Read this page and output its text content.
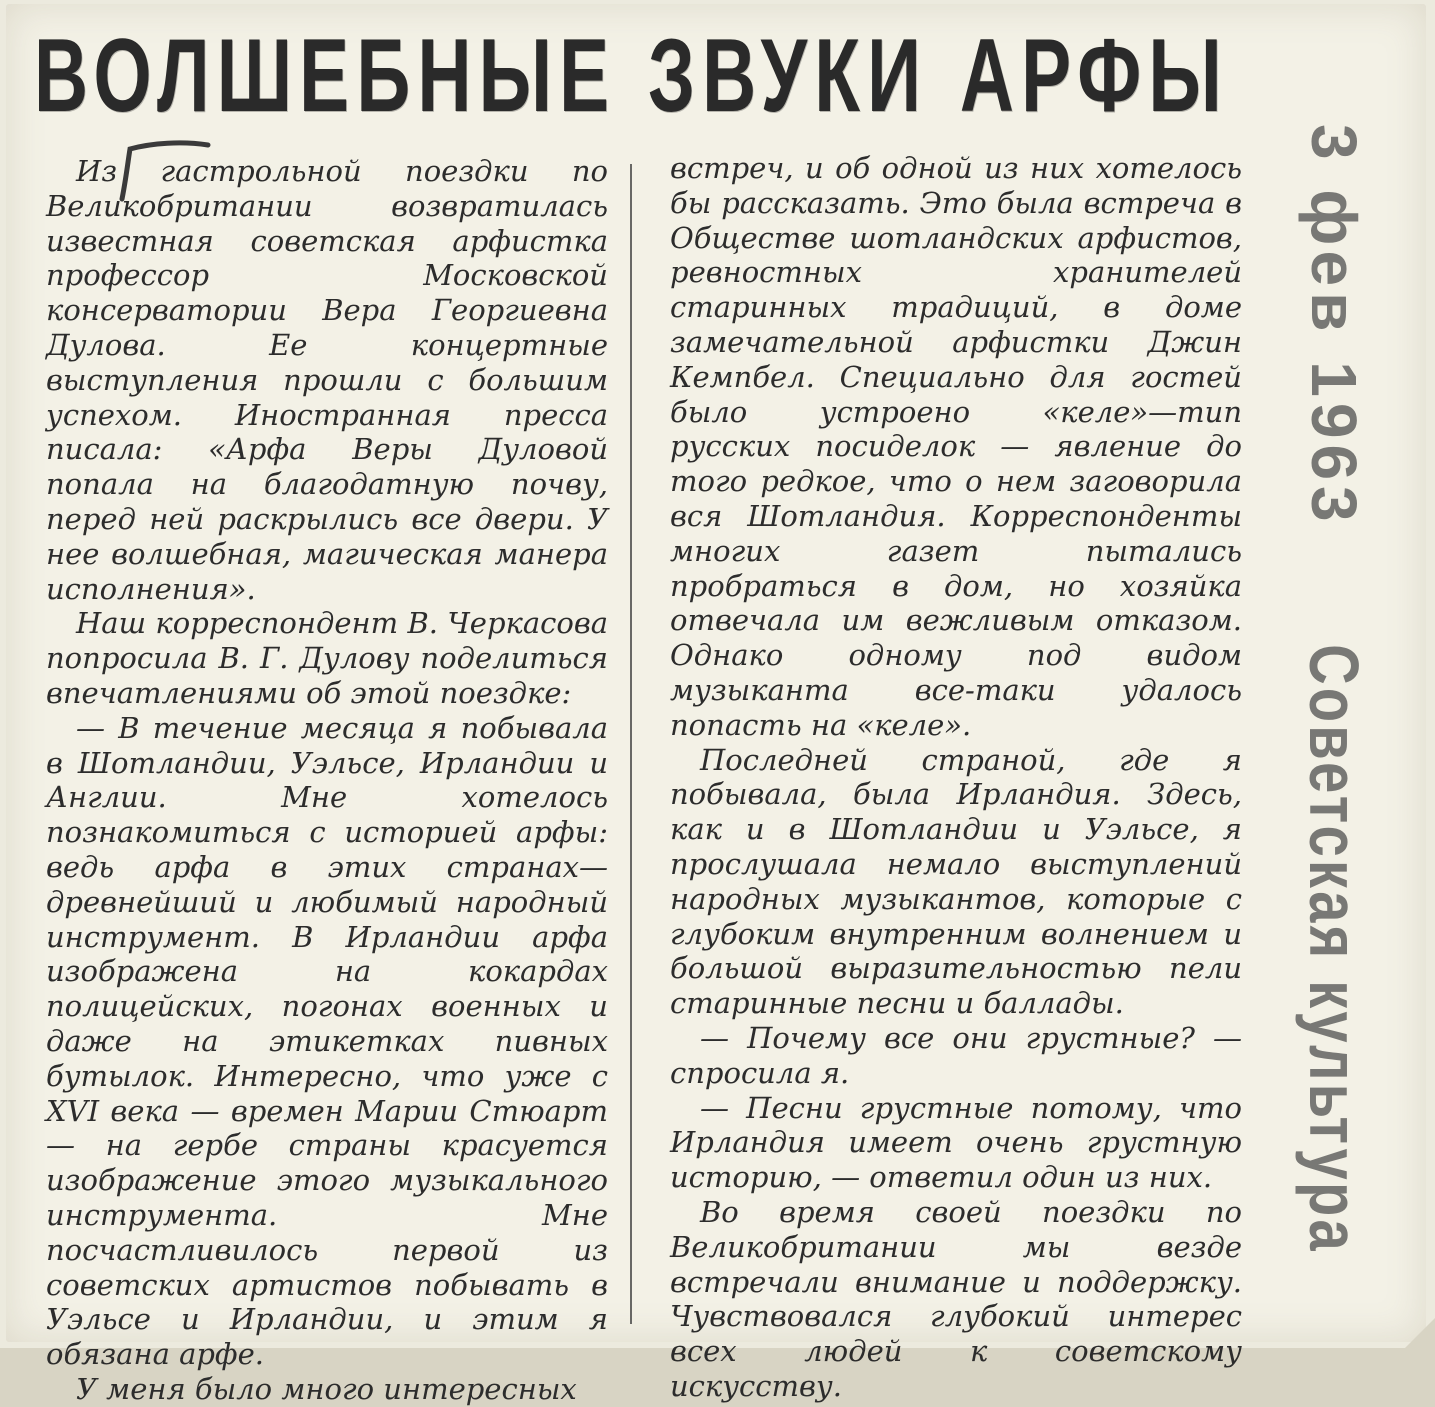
ВОЛШЕБНЫЕ ЗВУКИ АРФЫ

Из гастрольной поездки по Великобритании возвратилась известная советская арфистка профессор Московской консерватории Вера Георгиевна Дулова. Ее концертные выступления прошли с большим успехом. Иностранная пресса писала: «Арфа Веры Дуловой попала на благодатную почву, перед ней раскрылись все двери. У нее волшебная, магическая манера исполнения».

Наш корреспондент В. Черкасова попросила В. Г. Дулову поделиться впечатлениями об этой поездке:

— В течение месяца я побывала в Шотландии, Уэльсе, Ирландии и Англии. Мне хотелось познакомиться с историей арфы: ведь арфа в этих странах—древнейший и любимый народный инструмент. В Ирландии арфа изображена на кокардах полицейских, погонах военных и даже на этикетках пивных бутылок. Интересно, что уже с XVI века — времен Марии Стюарт — на гербе страны красуется изображение этого музыкального инструмента. Мне посчастливилось первой из советских артистов побывать в Уэльсе и Ирландии, и этим я обязана арфе.

У меня было много интересных

встреч, и об одной из них хотелось бы рассказать. Это была встреча в Обществе шотландских арфистов, ревностных хранителей старинных традиций, в доме замечательной арфистки Джин Кемпбел. Специально для гостей было устроено «келе»—тип русских посиделок — явление до того редкое, что о нем заговорила вся Шотландия. Корреспонденты многих газет пытались пробраться в дом, но хозяйка отвечала им вежливым отказом. Однако одному под видом музыканта все-таки удалось попасть на «келе».

Последней страной, где я побывала, была Ирландия. Здесь, как и в Шотландии и Уэльсе, я прослушала немало выступлений народных музыкантов, которые с глубоким внутренним волнением и большой выразительностью пели старинные песни и баллады.

— Почему все они грустные? — спросила я.

— Песни грустные потому, что Ирландия имеет очень грустную историю, — ответил один из них.

Во время своей поездки по Великобритании мы везде встречали внимание и поддержку. Чувствовался глубокий интерес всех людей к советскому искусству.

3 фев 1963
Советская культура
